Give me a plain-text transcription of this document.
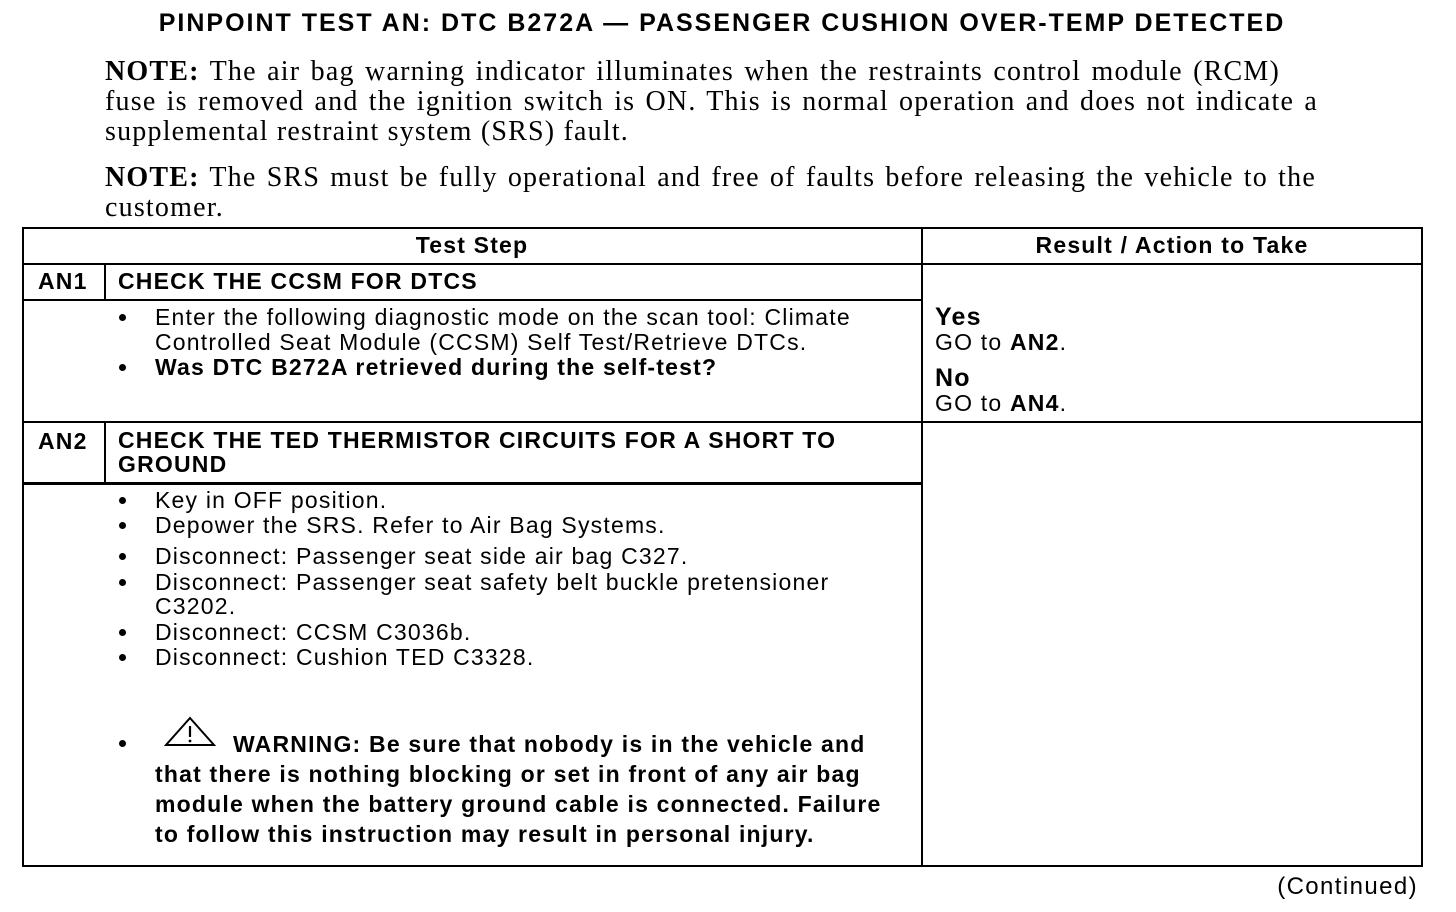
PINPOINT TEST AN: DTC B272A — PASSENGER CUSHION OVER-TEMP DETECTED
NOTE: The air bag warning indicator illuminates when the restraints control module (RCM)
fuse is removed and the ignition switch is ON. This is normal operation and does not indicate a
supplemental restraint system (SRS) fault.
NOTE: The SRS must be fully operational and free of faults before releasing the vehicle to the
customer.
Test Step	Result / Action to Take
AN1 CHECK THE CCSM FOR DTCS
Enter the following diagnostic mode on the scan tool: Climate
Controlled Seat Module (CCSM) Self Test/Retrieve DTCs.
Was DTC B272A retrieved during the self-test?
Yes
GO to AN2.
No
GO to AN4.
AN2 CHECK THE TED THERMISTOR CIRCUITS FOR A SHORT TO
GROUND
Key in OFF position.
Depower the SRS. Refer to Air Bag Systems.
Disconnect: Passenger seat side air bag C327.
Disconnect: Passenger seat safety belt buckle pretensioner
C3202.
Disconnect: CCSM C3036b.
Disconnect: Cushion TED C3328.
WARNING: Be sure that nobody is in the vehicle and
that there is nothing blocking or set in front of any air bag
module when the battery ground cable is connected. Failure
to follow this instruction may result in personal injury.
(Continued)
